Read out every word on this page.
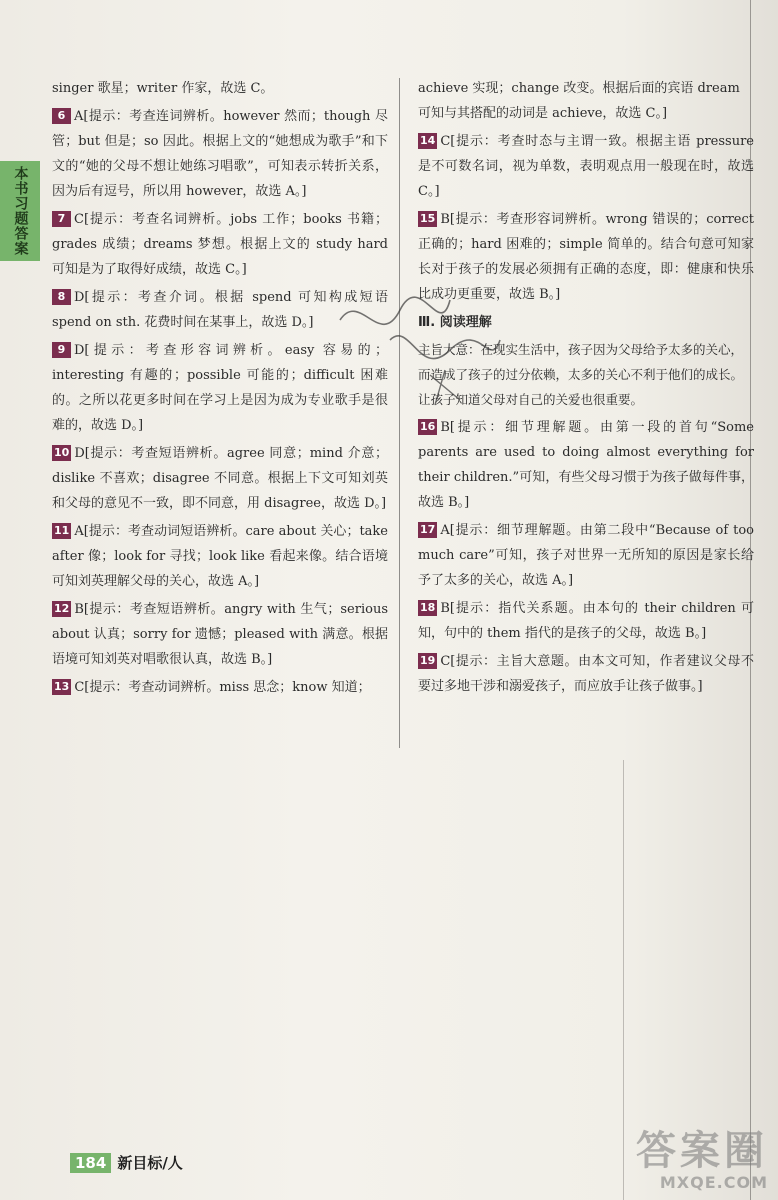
本书习题答案
singer 歌星；writer 作家，故选 C。
6 A[提示：考查连词辨析。however 然而；though 尽管；but 但是；so 因此。根据上文的“她想成为歌手”和下文的“她的父母不想让她练习唱歌”，可知表示转折关系，因为后有逗号，所以用 however，故选 A。]
7 C[提示：考查名词辨析。jobs 工作；books 书籍；grades 成绩；dreams 梦想。根据上文的 study hard 可知是为了取得好成绩，故选 C。]
8 D[提示：考查介词。根据 spend 可知构成短语 spend on sth. 花费时间在某事上，故选 D。]
9 D[提示：考查形容词辨析。easy 容易的；interesting 有趣的；possible 可能的；difficult 困难的。之所以花更多时间在学习上是因为成为专业歌手是很难的，故选 D。]
10 D[提示：考查短语辨析。agree 同意；mind 介意；dislike 不喜欢；disagree 不同意。根据上下文可知刘英和父母的意见不一致，即不同意，用 disagree，故选 D。]
11 A[提示：考查动词短语辨析。care about 关心；take after 像；look for 寻找；look like 看起来像。结合语境可知刘英理解父母的关心，故选 A。]
12 B[提示：考查短语辨析。angry with 生气；serious about 认真；sorry for 遗憾；pleased with 满意。根据语境可知刘英对唱歌很认真，故选 B。]
13 C[提示：考查动词辨析。miss 思念；know 知道；
achieve 实现；change 改变。根据后面的宾语 dream 可知与其搭配的动词是 achieve，故选 C。]
14 C[提示：考查时态与主谓一致。根据主语 pressure 是不可数名词，视为单数，表明观点用一般现在时，故选 C。]
15 B[提示：考查形容词辨析。wrong 错误的；correct 正确的；hard 困难的；simple 简单的。结合句意可知家长对于孩子的发展必须拥有正确的态度，即：健康和快乐比成功更重要，故选 B。]
Ⅲ. 阅读理解
主旨大意：在现实生活中，孩子因为父母给予太多的关心，而造成了孩子的过分依赖，太多的关心不利于他们的成长。让孩子知道父母对自己的关爱也很重要。
16 B[提示：细节理解题。由第一段的首句“Some parents are used to doing almost everything for their children.”可知，有些父母习惯于为孩子做每件事，故选 B。]
17 A[提示：细节理解题。由第二段中“Because of too much care”可知，孩子对世界一无所知的原因是家长给予了太多的关心，故选 A。]
18 B[提示：指代关系题。由本句的 their children 可知，句中的 them 指代的是孩子的父母，故选 B。]
19 C[提示：主旨大意题。由本文可知，作者建议父母不要过多地干涉和溺爱孩子，而应放手让孩子做事。]
184 新目标/人	答案圈
MXQE.COM
